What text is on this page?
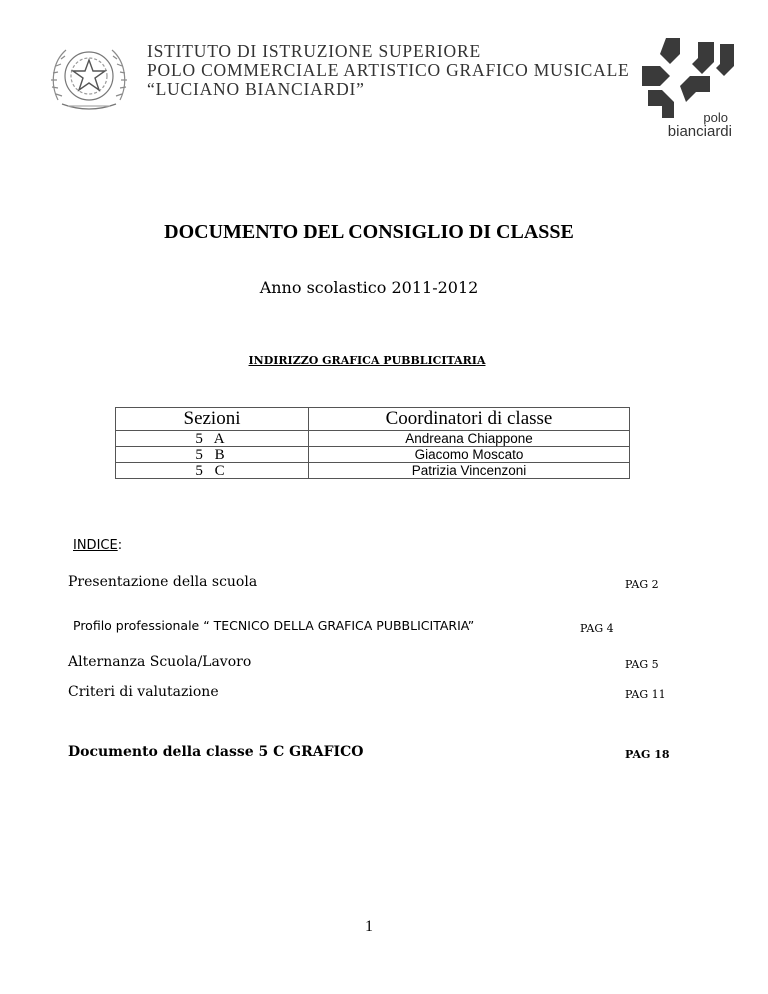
ISTITUTO DI ISTRUZIONE SUPERIORE
POLO COMMERCIALE ARTISTICO GRAFICO MUSICALE
“LUCIANO BIANCIARDI”
polo
bianciardi
DOCUMENTO DEL CONSIGLIO DI CLASSE
Anno scolastico 2011-2012
INDIRIZZO GRAFICA PUBBLICITARIA
Sezioni	Coordinatori di classe
5 A	Andreana Chiappone
5 B	Giacomo Moscato
5 C	Patrizia Vincenzoni
INDICE:
Presentazione della scuola	PAG 2
Profilo professionale “ TECNICO DELLA GRAFICA PUBBLICITARIA”	PAG 4
Alternanza Scuola/Lavoro	PAG 5
Criteri di valutazione	PAG 11
Documento della classe 5 C GRAFICO	PAG 18
1
